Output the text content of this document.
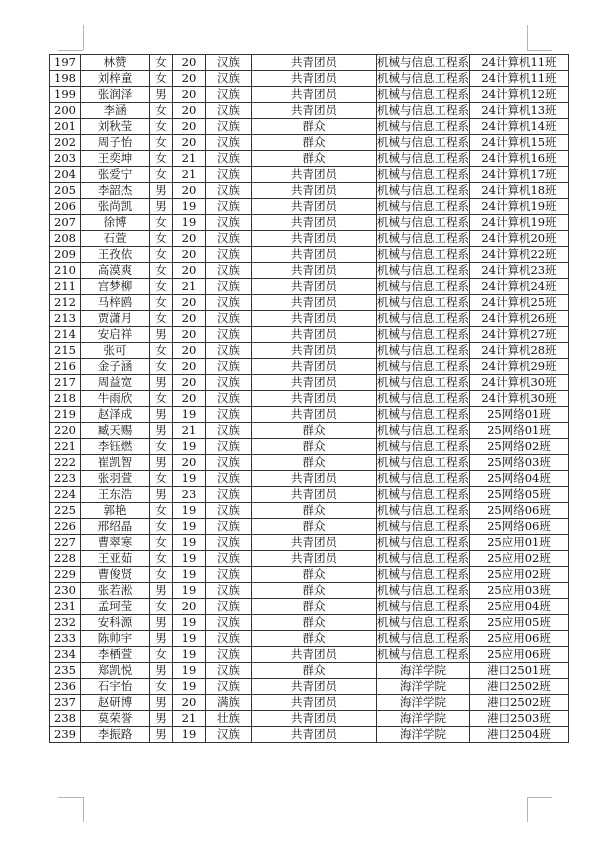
197	林赞	女	20	汉族	共青团员	机械与信息工程系	24计算机11班
198	刘梓童	女	20	汉族	共青团员	机械与信息工程系	24计算机11班
199	张润泽	男	20	汉族	共青团员	机械与信息工程系	24计算机12班
200	李涵	女	20	汉族	共青团员	机械与信息工程系	24计算机13班
201	刘秋莹	女	20	汉族	群众	机械与信息工程系	24计算机14班
202	周子怡	女	20	汉族	群众	机械与信息工程系	24计算机15班
203	王奕坤	女	21	汉族	群众	机械与信息工程系	24计算机16班
204	张爱宁	女	21	汉族	共青团员	机械与信息工程系	24计算机17班
205	李韶杰	男	20	汉族	共青团员	机械与信息工程系	24计算机18班
206	张尚凯	男	19	汉族	共青团员	机械与信息工程系	24计算机19班
207	徐博	女	19	汉族	共青团员	机械与信息工程系	24计算机19班
208	石萱	女	20	汉族	共青团员	机械与信息工程系	24计算机20班
209	王孜依	女	20	汉族	共青团员	机械与信息工程系	24计算机22班
210	高漠爽	女	20	汉族	共青团员	机械与信息工程系	24计算机23班
211	宫梦柳	女	21	汉族	共青团员	机械与信息工程系	24计算机24班
212	马梓鸥	女	20	汉族	共青团员	机械与信息工程系	24计算机25班
213	贾潇月	女	20	汉族	共青团员	机械与信息工程系	24计算机26班
214	安启祥	男	20	汉族	共青团员	机械与信息工程系	24计算机27班
215	张可	女	20	汉族	共青团员	机械与信息工程系	24计算机28班
216	金子涵	女	20	汉族	共青团员	机械与信息工程系	24计算机29班
217	周益宽	男	20	汉族	共青团员	机械与信息工程系	24计算机30班
218	牛雨欣	女	20	汉族	共青团员	机械与信息工程系	24计算机30班
219	赵泽成	男	19	汉族	共青团员	机械与信息工程系	25网络01班
220	臧天赐	男	21	汉族	群众	机械与信息工程系	25网络01班
221	李钰燃	女	19	汉族	群众	机械与信息工程系	25网络02班
222	崔凯智	男	20	汉族	群众	机械与信息工程系	25网络03班
223	张羽萱	女	19	汉族	共青团员	机械与信息工程系	25网络04班
224	王东浩	男	23	汉族	共青团员	机械与信息工程系	25网络05班
225	郭艳	女	19	汉族	群众	机械与信息工程系	25网络06班
226	邢绍晶	女	19	汉族	群众	机械与信息工程系	25网络06班
227	曹翠寒	女	19	汉族	共青团员	机械与信息工程系	25应用01班
228	王亚茹	女	19	汉族	共青团员	机械与信息工程系	25应用02班
229	曹俊贤	女	19	汉族	群众	机械与信息工程系	25应用02班
230	张若淞	男	19	汉族	群众	机械与信息工程系	25应用03班
231	孟珂莹	女	20	汉族	群众	机械与信息工程系	25应用04班
232	安科源	男	19	汉族	群众	机械与信息工程系	25应用05班
233	陈帅宇	男	19	汉族	群众	机械与信息工程系	25应用06班
234	李栖萱	女	19	汉族	共青团员	机械与信息工程系	25应用06班
235	郑凯悦	男	19	汉族	群众	海洋学院	港口2501班
236	石宇怡	女	19	汉族	共青团员	海洋学院	港口2502班
237	赵研博	男	20	满族	共青团员	海洋学院	港口2502班
238	莫荣誉	男	21	壮族	共青团员	海洋学院	港口2503班
239	李振路	男	19	汉族	共青团员	海洋学院	港口2504班
